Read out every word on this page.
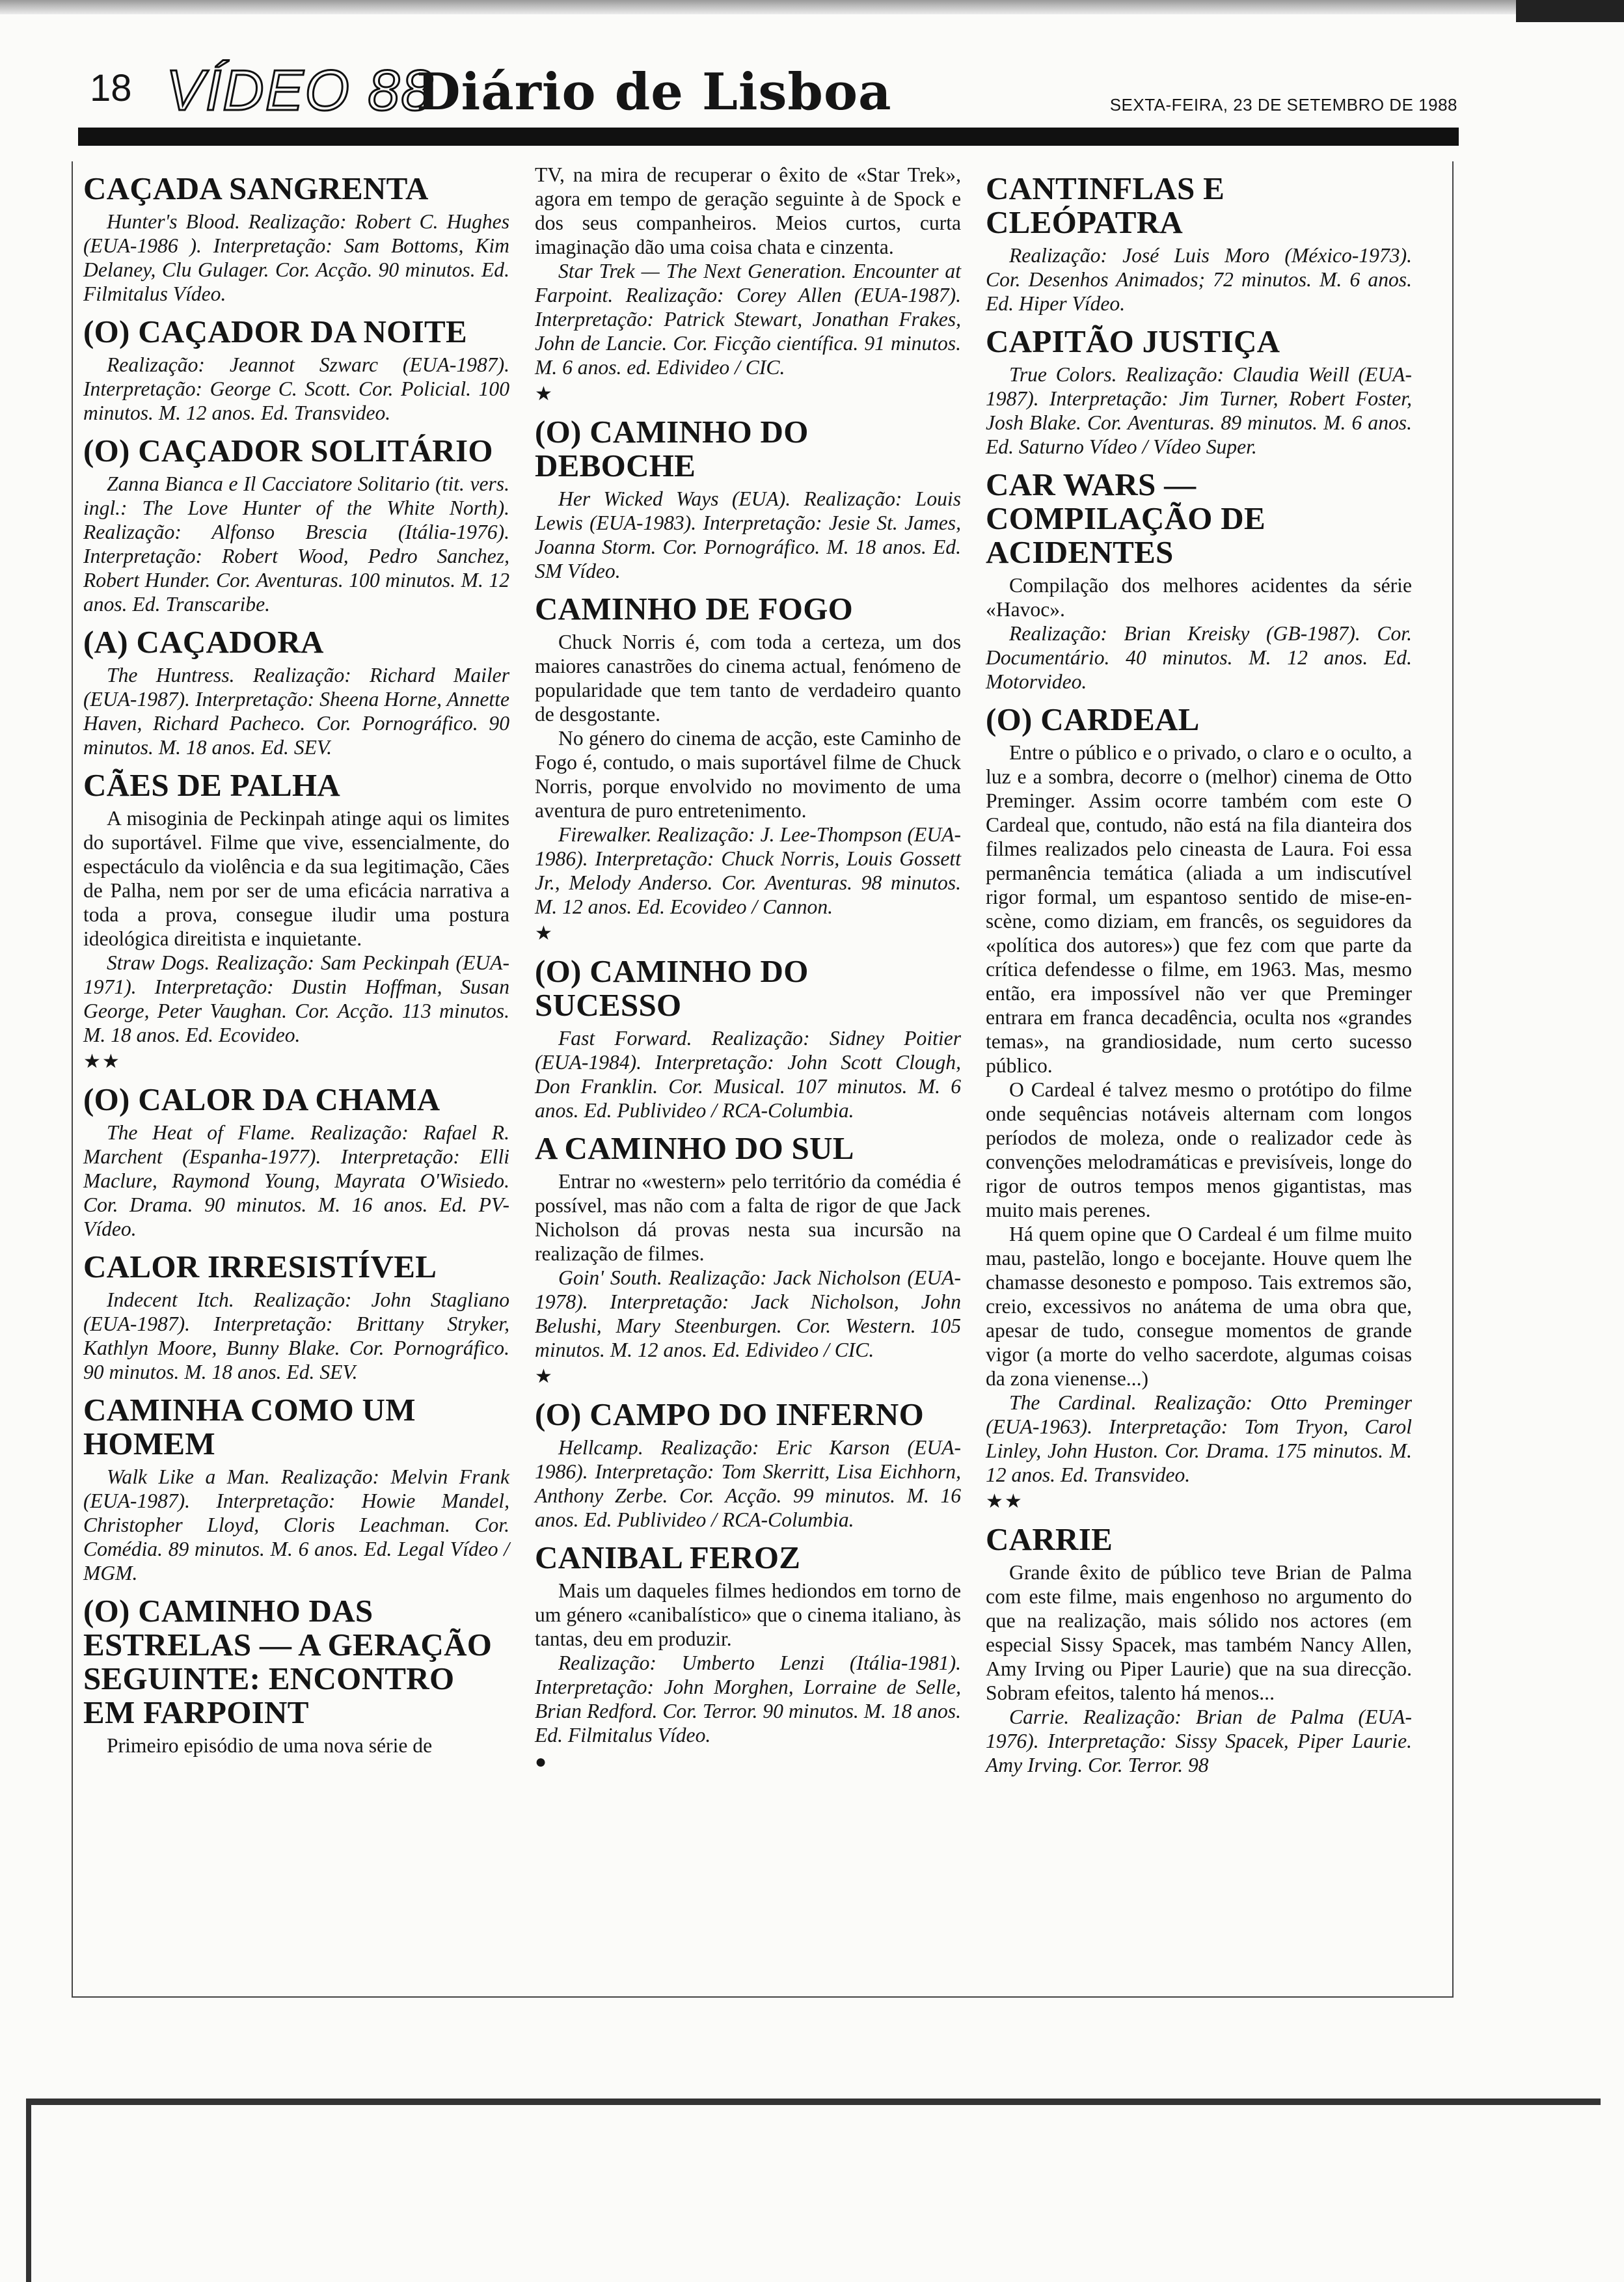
18 VÍDEO 88
Diário de Lisboa	SEXTA-FEIRA, 23 DE SETEMBRO DE 1988
CAÇADA SANGRENTA

Hunter's Blood. Realização: Robert C. Hughes (EUA-1986 ). Interpretação: Sam Bottoms, Kim Delaney, Clu Gulager. Cor. Acção. 90 minutos. Ed. Filmitalus Vídeo.

(O) CAÇADOR DA NOITE

Realização: Jeannot Szwarc (EUA-1987). Interpretação: George C. Scott. Cor. Policial. 100 minutos. M. 12 anos. Ed. Transvideo.

(O) CAÇADOR SOLITÁRIO

Zanna Bianca e Il Cacciatore Solitario (tit. vers. ingl.: The Love Hunter of the White North). Realização: Alfonso Brescia (Itália-1976). Interpretação: Robert Wood, Pedro Sanchez, Robert Hunder. Cor. Aventuras. 100 minutos. M. 12 anos. Ed. Transcaribe.

(A) CAÇADORA

The Huntress. Realização: Richard Mailer (EUA-1987). Interpretação: Sheena Horne, Annette Haven, Richard Pacheco. Cor. Pornográfico. 90 minutos. M. 18 anos. Ed. SEV.

CÃES DE PALHA

A misoginia de Peckinpah atinge aqui os limites do suportável. Filme que vive, essencialmente, do espectáculo da violência e da sua legitimação, Cães de Palha, nem por ser de uma eficácia narrativa a toda a prova, consegue iludir uma postura ideológica direitista e inquietante.

Straw Dogs. Realização: Sam Peckinpah (EUA-1971). Interpretação: Dustin Hoffman, Susan George, Peter Vaughan. Cor. Acção. 113 minutos. M. 18 anos. Ed. Ecovideo.

★★
(O) CALOR DA CHAMA

The Heat of Flame. Realização: Rafael R. Marchent (Espanha-1977). Interpretação: Elli Maclure, Raymond Young, Mayrata O'Wisiedo. Cor. Drama. 90 minutos. M. 16 anos. Ed. PV-Vídeo.

CALOR IRRESISTÍVEL

Indecent Itch. Realização: John Stagliano (EUA-1987). Interpretação: Brittany Stryker, Kathlyn Moore, Bunny Blake. Cor. Pornográfico. 90 minutos. M. 18 anos. Ed. SEV.

CAMINHA COMO UM HOMEM

Walk Like a Man. Realização: Melvin Frank (EUA-1987). Interpretação: Howie Mandel, Christopher Lloyd, Cloris Leachman. Cor. Comédia. 89 minutos. M. 6 anos. Ed. Legal Vídeo / MGM.

(O) CAMINHO DAS ESTRELAS — A GERAÇÃO SEGUINTE: ENCONTRO EM FARPOINT

Primeiro episódio de uma nova série de

TV, na mira de recuperar o êxito de «Star Trek», agora em tempo de geração seguinte à de Spock e dos seus companheiros. Meios curtos, curta imaginação dão uma coisa chata e cinzenta.

Star Trek — The Next Generation. Encounter at Farpoint. Realização: Corey Allen (EUA-1987). Interpretação: Patrick Stewart, Jonathan Frakes, John de Lancie. Cor. Ficção científica. 91 minutos. M. 6 anos. ed. Edivideo / CIC.

★
(O) CAMINHO DO DEBOCHE

Her Wicked Ways (EUA). Realização: Louis Lewis (EUA-1983). Interpretação: Jesie St. James, Joanna Storm. Cor. Pornográfico. M. 18 anos. Ed. SM Vídeo.

CAMINHO DE FOGO

Chuck Norris é, com toda a certeza, um dos maiores canastrões do cinema actual, fenómeno de popularidade que tem tanto de verdadeiro quanto de desgostante.

No género do cinema de acção, este Caminho de Fogo é, contudo, o mais suportável filme de Chuck Norris, porque envolvido no movimento de uma aventura de puro entretenimento.

Firewalker. Realização: J. Lee-Thompson (EUA-1986). Interpretação: Chuck Norris, Louis Gossett Jr., Melody Anderso. Cor. Aventuras. 98 minutos. M. 12 anos. Ed. Ecovideo / Cannon.

★
(O) CAMINHO DO SUCESSO

Fast Forward. Realização: Sidney Poitier (EUA-1984). Interpretação: John Scott Clough, Don Franklin. Cor. Musical. 107 minutos. M. 6 anos. Ed. Publivideo / RCA-Columbia.

A CAMINHO DO SUL

Entrar no «western» pelo território da comédia é possível, mas não com a falta de rigor de que Jack Nicholson dá provas nesta sua incursão na realização de filmes.

Goin' South. Realização: Jack Nicholson (EUA-1978). Interpretação: Jack Nicholson, John Belushi, Mary Steenburgen. Cor. Western. 105 minutos. M. 12 anos. Ed. Edivideo / CIC.

★
(O) CAMPO DO INFERNO

Hellcamp. Realização: Eric Karson (EUA-1986). Interpretação: Tom Skerritt, Lisa Eichhorn, Anthony Zerbe. Cor. Acção. 99 minutos. M. 16 anos. Ed. Publivideo / RCA-Columbia.

CANIBAL FEROZ

Mais um daqueles filmes hediondos em torno de um género «canibalístico» que o cinema italiano, às tantas, deu em produzir.

Realização: Umberto Lenzi (Itália-1981). Interpretação: John Morghen, Lorraine de Selle, Brian Redford. Cor. Terror. 90 minutos. M. 18 anos. Ed. Filmitalus Vídeo.

●
CANTINFLAS E CLEÓPATRA

Realização: José Luis Moro (México-1973). Cor. Desenhos Animados; 72 minutos. M. 6 anos. Ed. Hiper Vídeo.

CAPITÃO JUSTIÇA

True Colors. Realização: Claudia Weill (EUA-1987). Interpretação: Jim Turner, Robert Foster, Josh Blake. Cor. Aventuras. 89 minutos. M. 6 anos. Ed. Saturno Vídeo / Vídeo Super.

CAR WARS — COMPILAÇÃO DE ACIDENTES

Compilação dos melhores acidentes da série «Havoc».

Realização: Brian Kreisky (GB-1987). Cor. Documentário. 40 minutos. M. 12 anos. Ed. Motorvideo.

(O) CARDEAL

Entre o público e o privado, o claro e o oculto, a luz e a sombra, decorre o (melhor) cinema de Otto Preminger. Assim ocorre também com este O Cardeal que, contudo, não está na fila dianteira dos filmes realizados pelo cineasta de Laura. Foi essa permanência temática (aliada a um indiscutível rigor formal, um espantoso sentido de mise-en-scène, como diziam, em francês, os seguidores da «política dos autores») que fez com que parte da crítica defendesse o filme, em 1963. Mas, mesmo então, era impossível não ver que Preminger entrara em franca decadência, oculta nos «grandes temas», na grandiosidade, num certo sucesso público.

O Cardeal é talvez mesmo o protótipo do filme onde sequências notáveis alternam com longos períodos de moleza, onde o realizador cede às convenções melodramáticas e previsíveis, longe do rigor de outros tempos menos gigantistas, mas muito mais perenes.

Há quem opine que O Cardeal é um filme muito mau, pastelão, longo e bocejante. Houve quem lhe chamasse desonesto e pomposo. Tais extremos são, creio, excessivos no anátema de uma obra que, apesar de tudo, consegue momentos de grande vigor (a morte do velho sacerdote, algumas coisas da zona vienense...)

The Cardinal. Realização: Otto Preminger (EUA-1963). Interpretação: Tom Tryon, Carol Linley, John Huston. Cor. Drama. 175 minutos. M. 12 anos. Ed. Transvideo.

★★
CARRIE

Grande êxito de público teve Brian de Palma com este filme, mais engenhoso no argumento do que na realização, mais sólido nos actores (em especial Sissy Spacek, mas também Nancy Allen, Amy Irving ou Piper Laurie) que na sua direcção. Sobram efeitos, talento há menos...

Carrie. Realização: Brian de Palma (EUA-1976). Interpretação: Sissy Spacek, Piper Laurie. Amy Irving. Cor. Terror. 98
